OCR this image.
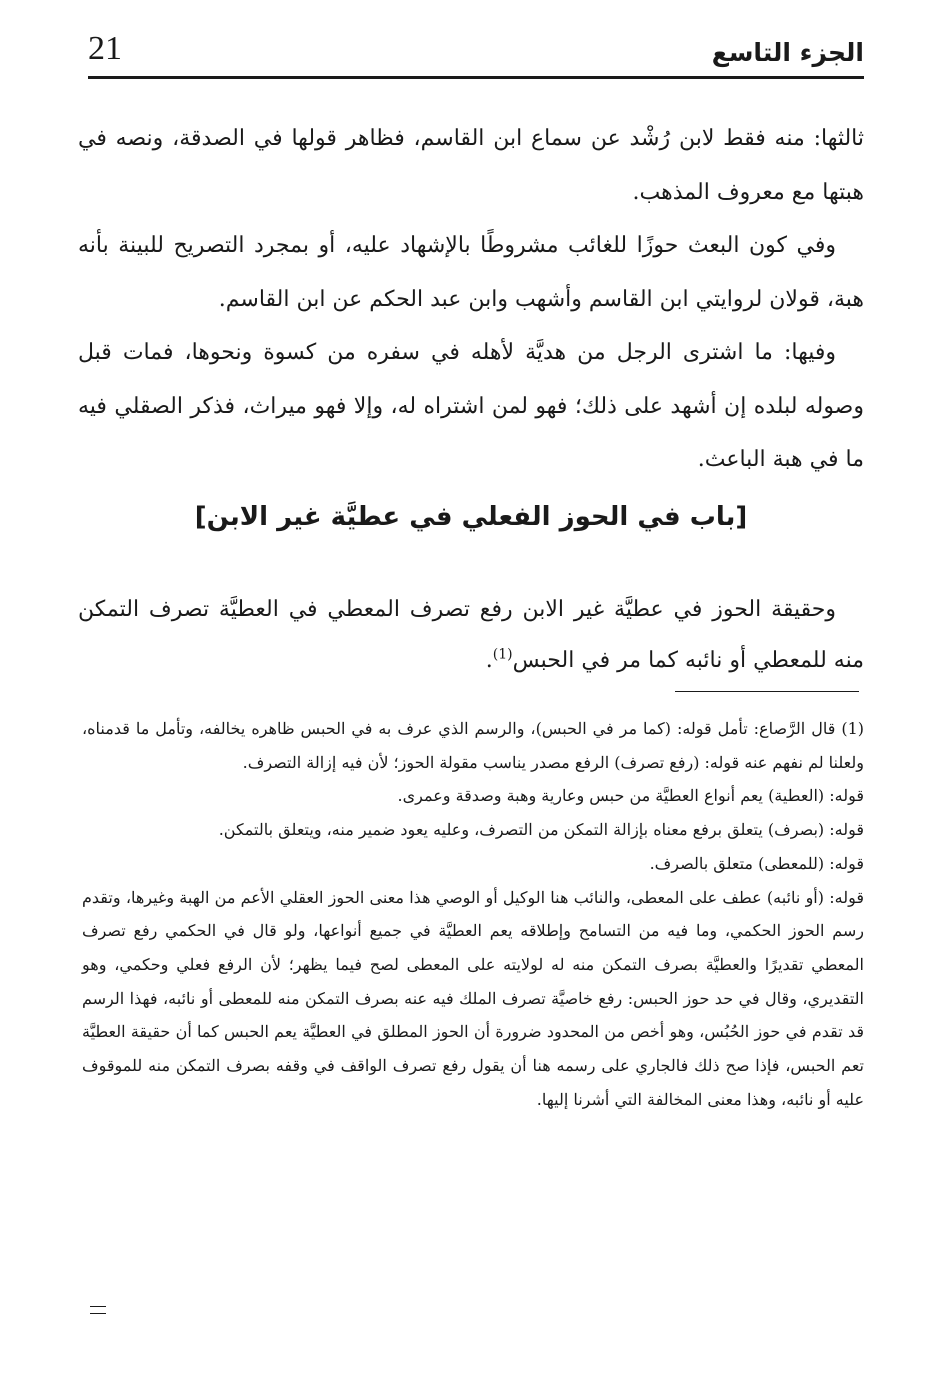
21	الجزء التاسع

ثالثها: منه فقط لابن رُشْد عن سماع ابن القاسم، فظاهر قولها في الصدقة، ونصه في هبتها مع معروف المذهب.

وفي كون البعث حوزًا للغائب مشروطًا بالإشهاد عليه، أو بمجرد التصريح للبينة بأنه هبة، قولان لروايتي ابن القاسم وأشهب وابن عبد الحكم عن ابن القاسم.

وفيها: ما اشترى الرجل من هديَّة لأهله في سفره من كسوة ونحوها، فمات قبل وصوله لبلده إن أشهد على ذلك؛ فهو لمن اشتراه له، وإلا فهو ميراث، فذكر الصقلي فيه ما في هبة الباعث.

[باب في الحوز الفعلي في عطيَّة غير الابن]

وحقيقة الحوز في عطيَّة غير الابن رفع تصرف المعطي في العطيَّة تصرف التمكن منه للمعطي أو نائبه كما مر في الحبس$^{(1)}$.

(1) قال الرَّصاع: تأمل قوله: (كما مر في الحبس)، والرسم الذي عرف به في الحبس ظاهره يخالفه، وتأمل ما قدمناه، ولعلنا لم نفهم عنه قوله: (رفع تصرف) الرفع مصدر يناسب مقولة الحوز؛ لأن فيه إزالة التصرف.

قوله: (العطية) يعم أنواع العطيَّة من حبس وعارية وهبة وصدقة وعمرى.

قوله: (بصرف) يتعلق برفع معناه بإزالة التمكن من التصرف، وعليه يعود ضمير منه، ويتعلق بالتمكن.

قوله: (للمعطى) متعلق بالصرف.

قوله: (أو نائبه) عطف على المعطى، والنائب هنا الوكيل أو الوصي هذا معنى الحوز العقلي الأعم من الهبة وغيرها، وتقدم رسم الحوز الحكمي، وما فيه من التسامح وإطلاقه يعم العطيَّة في جميع أنواعها، ولو قال في الحكمي رفع تصرف المعطي تقديرًا والعطيَّة بصرف التمكن منه له لولايته على المعطى لصح فيما يظهر؛ لأن الرفع فعلي وحكمي، وهو التقديري، وقال في حد حوز الحبس: رفع خاصيَّة تصرف الملك فيه عنه بصرف التمكن منه للمعطى أو نائبه، فهذا الرسم قد تقدم في حوز الحُبُس، وهو أخص من المحدود ضرورة أن الحوز المطلق في العطيَّة يعم الحبس كما أن حقيقة العطيَّة تعم الحبس، فإذا صح ذلك فالجاري على رسمه هنا أن يقول رفع تصرف الواقف في وقفه بصرف التمكن منه للموقوف عليه أو نائبه، وهذا معنى المخالفة التي أشرنا إليها.
